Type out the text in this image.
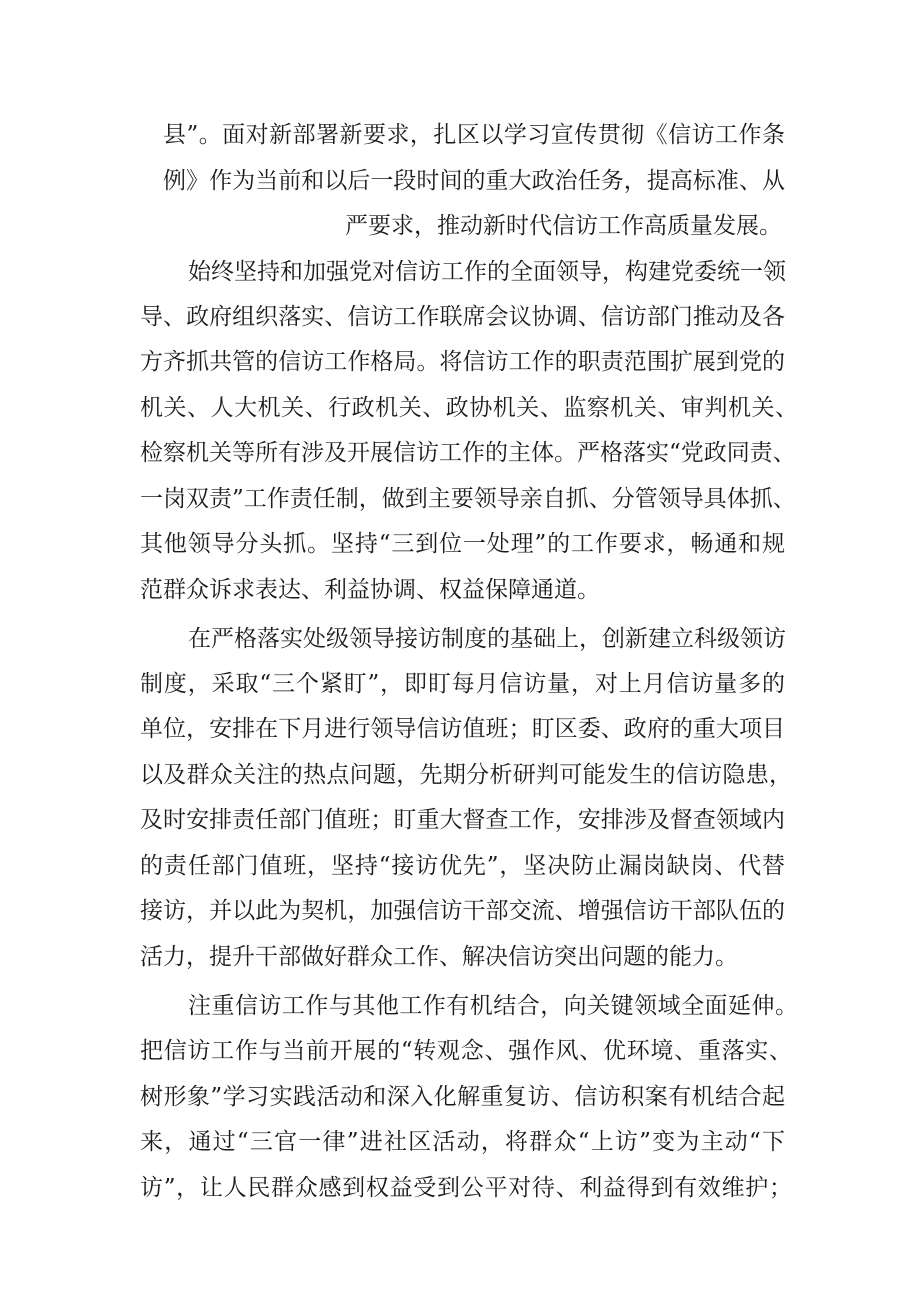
县”。面对新部署新要求，扎区以学习宣传贯彻《信访工作条
例》作为当前和以后一段时间的重大政治任务，提高标准、从
严要求，推动新时代信访工作高质量发展。
始终坚持和加强党对信访工作的全面领导，构建党委统一领
导、政府组织落实、信访工作联席会议协调、信访部门推动及各
方齐抓共管的信访工作格局。将信访工作的职责范围扩展到党的
机关、人大机关、行政机关、政协机关、监察机关、审判机关、
检察机关等所有涉及开展信访工作的主体。严格落实“党政同责、
一岗双责”工作责任制，做到主要领导亲自抓、分管领导具体抓、
其他领导分头抓。坚持“三到位一处理”的工作要求，畅通和规
范群众诉求表达、利益协调、权益保障通道。
在严格落实处级领导接访制度的基础上，创新建立科级领访
制度，采取“三个紧盯”，即盯每月信访量，对上月信访量多的
单位，安排在下月进行领导信访值班；盯区委、政府的重大项目
以及群众关注的热点问题，先期分析研判可能发生的信访隐患，
及时安排责任部门值班；盯重大督查工作，安排涉及督查领域内
的责任部门值班，坚持“接访优先”，坚决防止漏岗缺岗、代替
接访，并以此为契机，加强信访干部交流、增强信访干部队伍的
活力，提升干部做好群众工作、解决信访突出问题的能力。
注重信访工作与其他工作有机结合，向关键领域全面延伸。
把信访工作与当前开展的“转观念、强作风、优环境、重落实、
树形象”学习实践活动和深入化解重复访、信访积案有机结合起
来，通过“三官一律”进社区活动，将群众“上访”变为主动“下
访”，让人民群众感到权益受到公平对待、利益得到有效维护；
